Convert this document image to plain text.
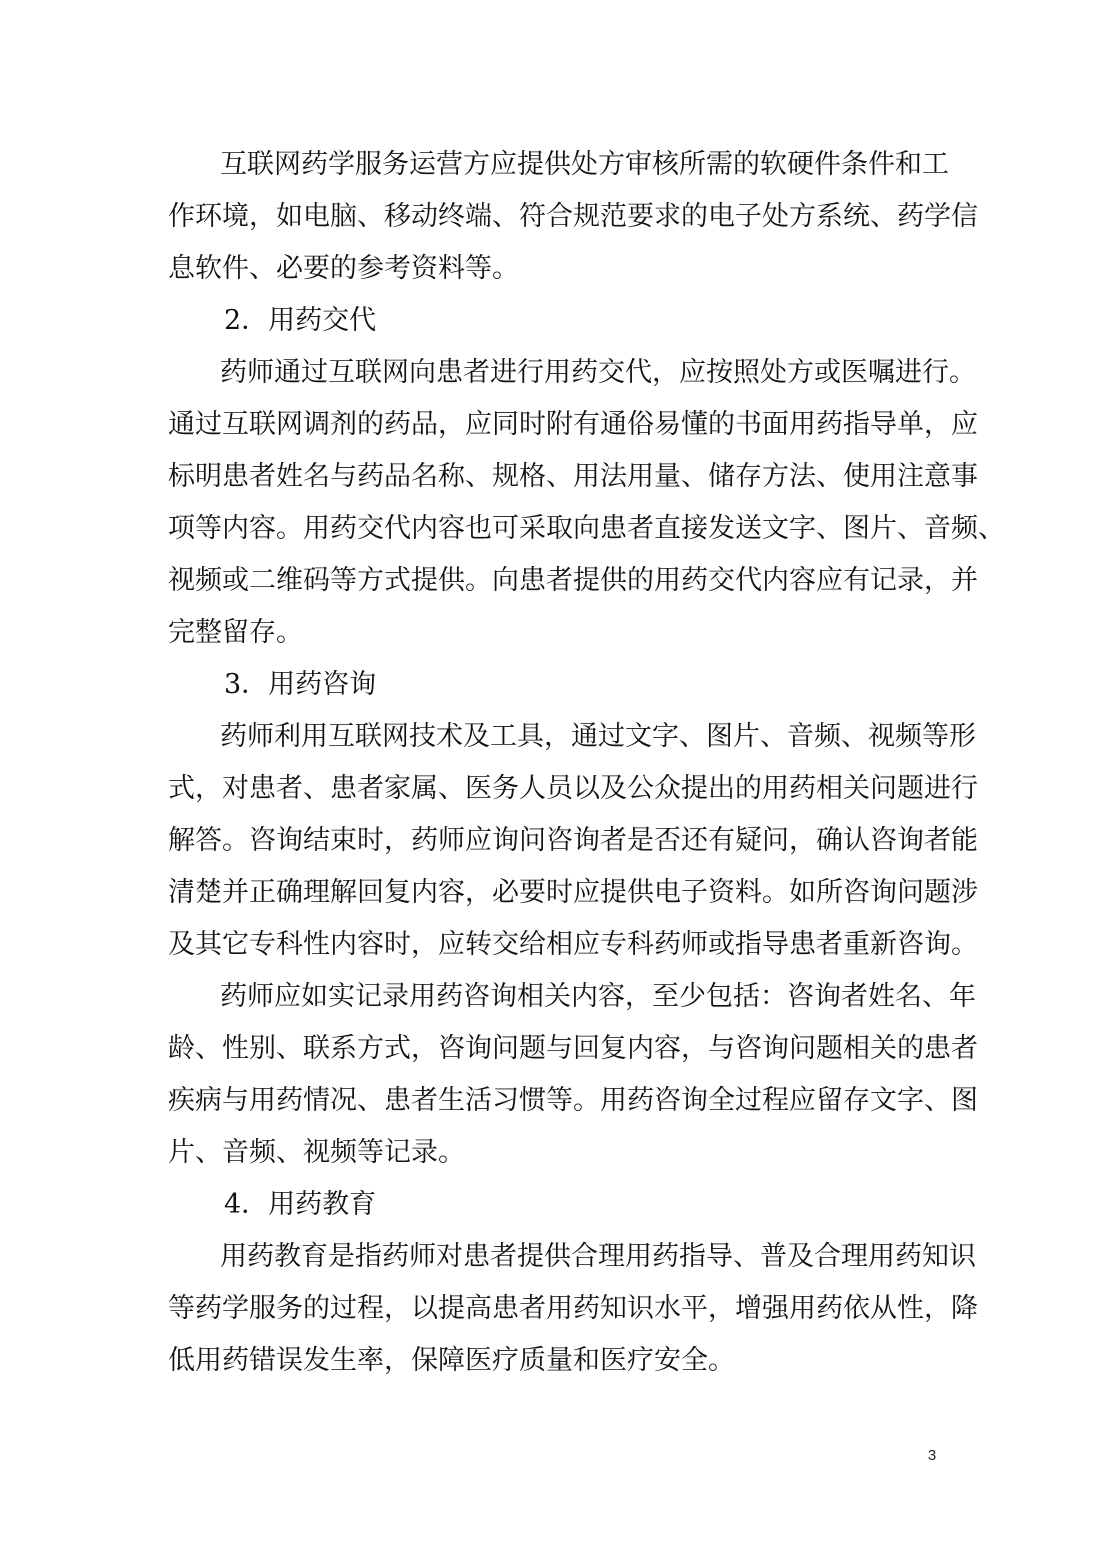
互联网药学服务运营方应提供处方审核所需的软硬件条件和工
作环境，如电脑、移动终端、符合规范要求的电子处方系统、药学信
息软件、必要的参考资料等。
2．用药交代
药师通过互联网向患者进行用药交代，应按照处方或医嘱进行。
通过互联网调剂的药品，应同时附有通俗易懂的书面用药指导单，应
标明患者姓名与药品名称、规格、用法用量、储存方法、使用注意事
项等内容。用药交代内容也可采取向患者直接发送文字、图片、音频、
视频或二维码等方式提供。向患者提供的用药交代内容应有记录，并
完整留存。
3．用药咨询
药师利用互联网技术及工具，通过文字、图片、音频、视频等形
式，对患者、患者家属、医务人员以及公众提出的用药相关问题进行
解答。咨询结束时，药师应询问咨询者是否还有疑问，确认咨询者能
清楚并正确理解回复内容，必要时应提供电子资料。如所咨询问题涉
及其它专科性内容时，应转交给相应专科药师或指导患者重新咨询。
药师应如实记录用药咨询相关内容，至少包括：咨询者姓名、年
龄、性别、联系方式，咨询问题与回复内容，与咨询问题相关的患者
疾病与用药情况、患者生活习惯等。用药咨询全过程应留存文字、图
片、音频、视频等记录。
4．用药教育
用药教育是指药师对患者提供合理用药指导、普及合理用药知识
等药学服务的过程，以提高患者用药知识水平，增强用药依从性，降
低用药错误发生率，保障医疗质量和医疗安全。
3
